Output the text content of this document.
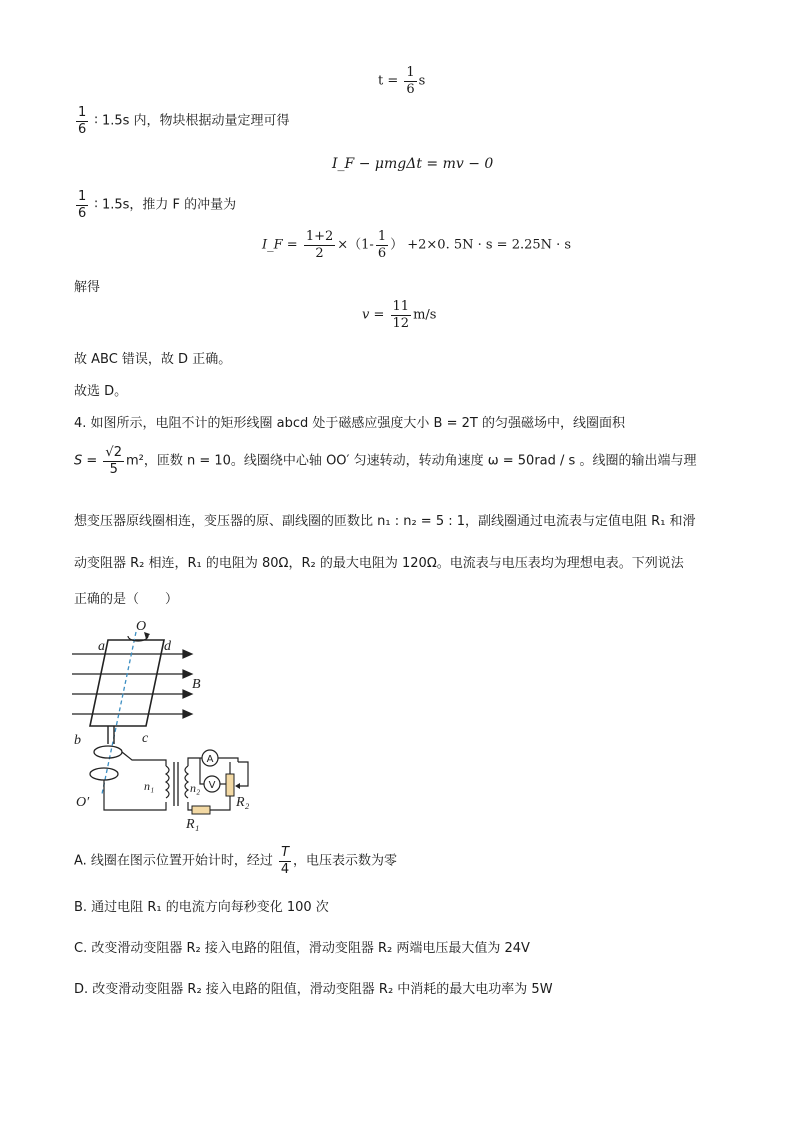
$t = \frac{1}{6}$ s
$\frac{1}{6}$ ∶ 1.5s 内，物块根据动量定理可得
I_F − μmgΔt = mv − 0
$\frac{1}{6}$ ∶ 1.5s，推力 F 的冲量为
I_F = $\frac{1+2}{2} \times(1- \frac{1}{6}$ ） +2×0. 5N · s = 2.25N · s
解得
$v = \frac{11}{12} m/s$
故 ABC 错误，故 D 正确。
故选 D。
4. 如图所示，电阻不计的矩形线圈 abcd 处于磁感应强度大小 B = 2T 的匀强磁场中，线圈面积
$S = \frac{√2}{5} m^2$，匝数 n = 10。线圈绕中心轴 OO′ 匀速转动，转动角速度 ω = 50rad / s 。线圈的输出端与理
想变压器原线圈相连，变压器的原、副线圈的匝数比 n₁ : n₂ = 5 : 1，副线圈通过电流表与定值电阻 R₁ 和滑
动变阻器 R₂ 相连，R₁ 的电阻为 80Ω，R₂ 的最大电阻为 120Ω。电流表与电压表均为理想电表。下列说法
正确的是（　　）
O
a	d
B
b	c
O′
n₁	n₂
R₁
R₂
A
V
A. 线圈在图示位置开始计时，经过 $\frac{T}{4}$ ，电压表示数为零
B. 通过电阻 R₁ 的电流方向每秒变化 100 次
C. 改变滑动变阻器 R₂ 接入电路的阻值，滑动变阻器 R₂ 两端电压最大值为 24V
D. 改变滑动变阻器 R₂ 接入电路的阻值，滑动变阻器 R₂ 中消耗的最大电功率为 5W
